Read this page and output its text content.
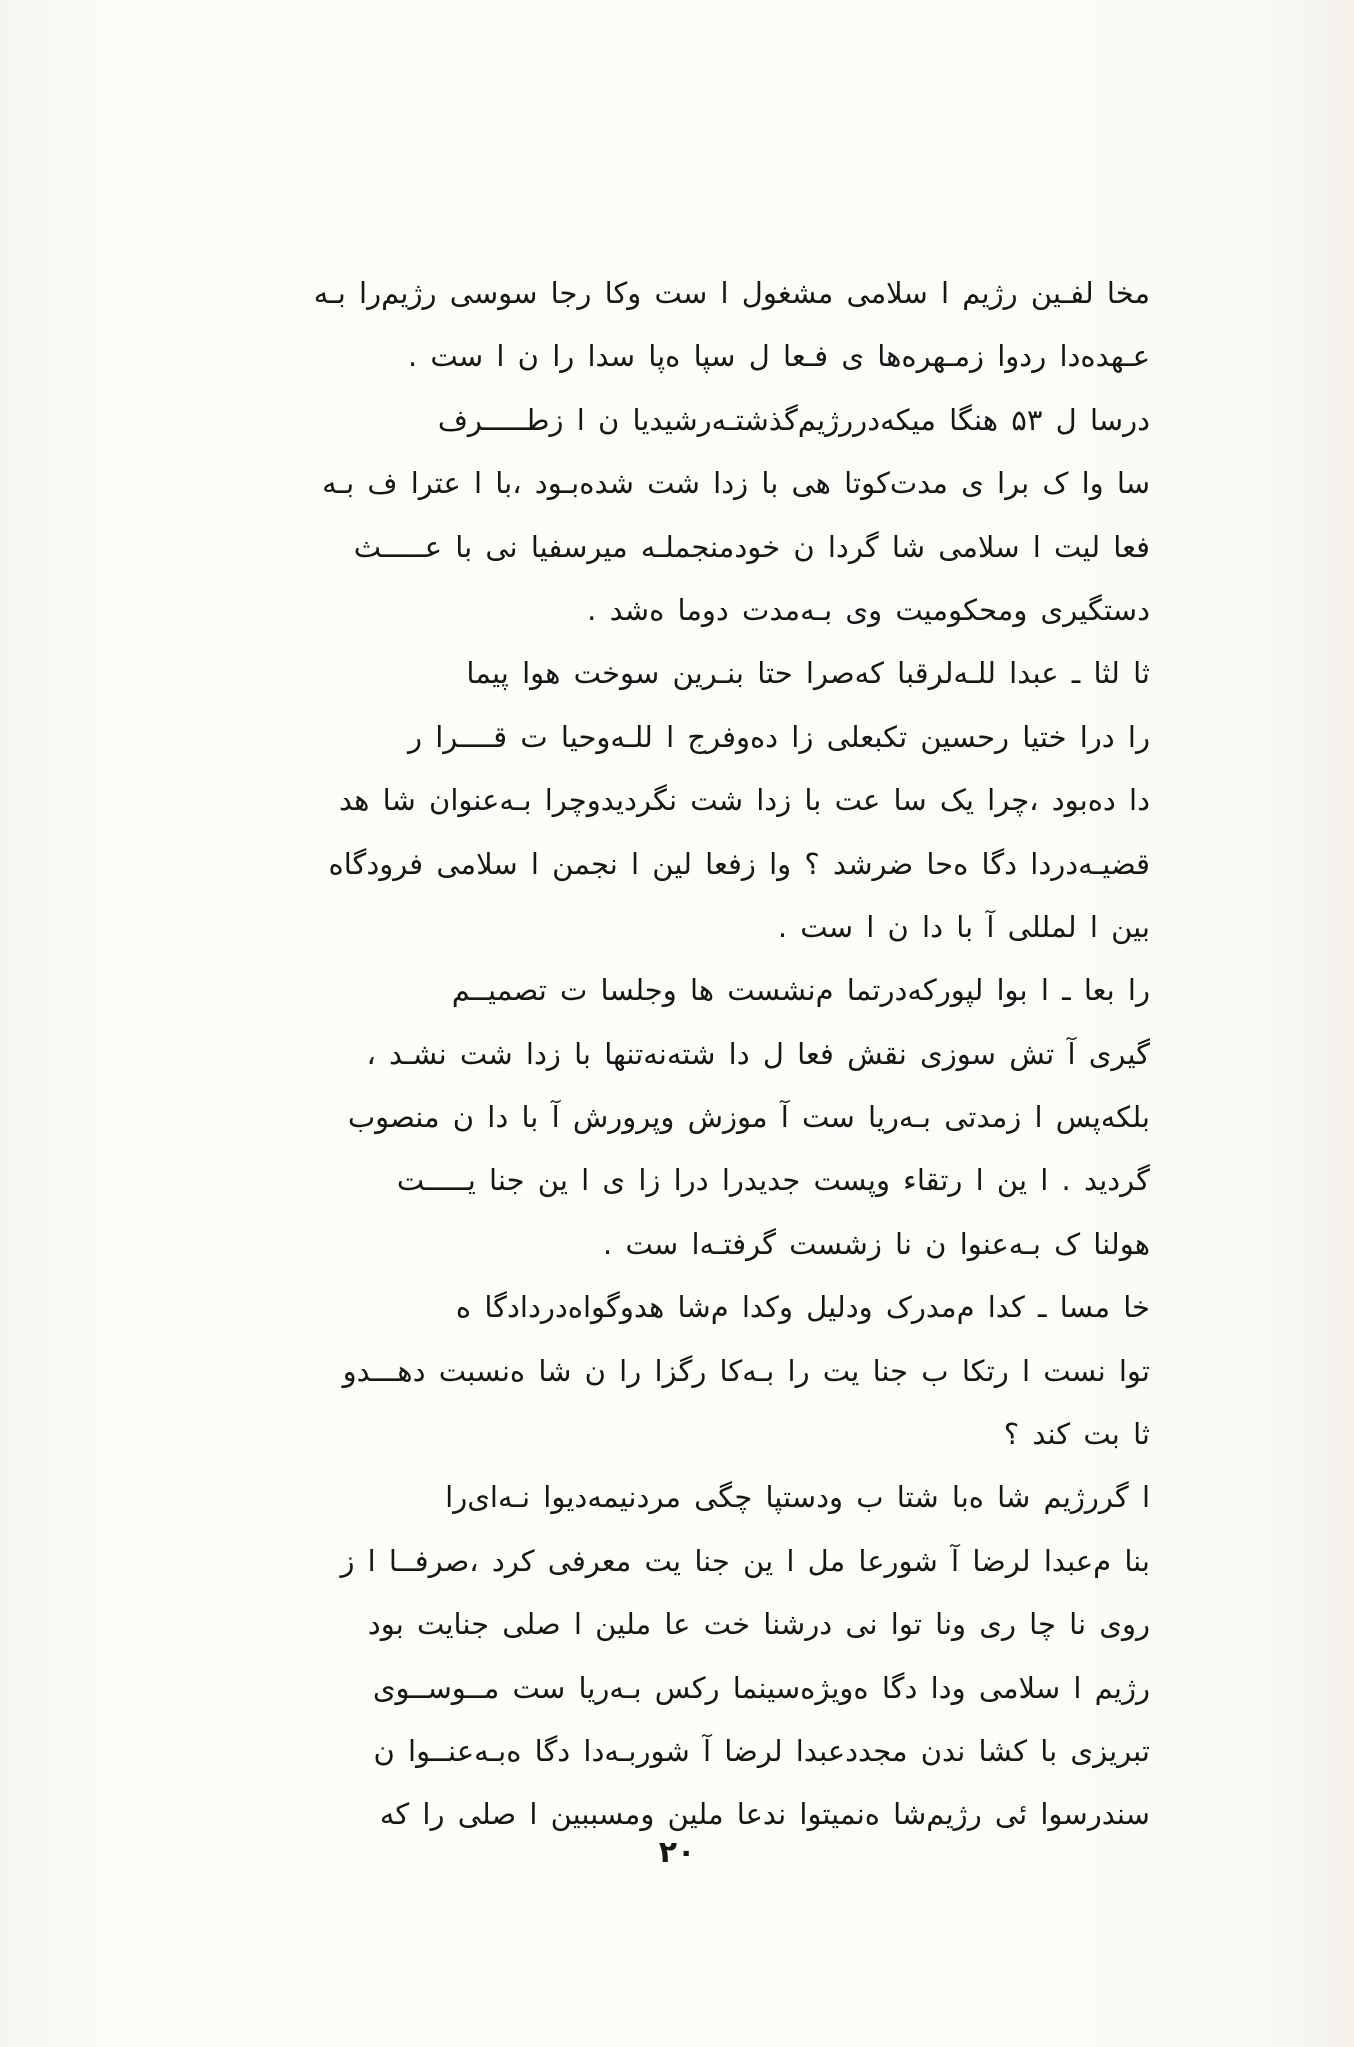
مخا لفـین رژیم ا سلامی مشغول ا ست وکا رجا سوسی رژیم‌را بـه
عـهده‌دا ردوا زمـهره‌ها ی فـعا ل سپا ه‌پا سدا را ن ا ست .
درسا ل ۵۳ هنگا میکه‌دررژیم‌گذشتـه‌رشیدیا ن ا زطـــــرف
سا وا ک برا ی مدت‌کوتا هی با زدا شت شده‌بـود ،با ا عترا ف بـه
فعا لیت ا سلامی شا گردا ن خودمنجملـه میرسفیا نی با عـــــث
دستگیری ومحکومیت وی بـه‌مدت دوما ه‌شد .
ثا لثا ـ عبدا للـه‌لرقبا که‌صرا حتا بنـرین سوخت هوا پیما
را درا ختیا رحسین تکبعلی زا ده‌وفرج ا للـه‌وحیا ت قــــرا ر
دا ده‌بود ،چرا یک سا عت با زدا شت نگردیدوچرا بـه‌عنوان شا هد
قضیـه‌دردا دگا ه‌حا ضرشد ؟ وا زفعا لین ا نجمن ا سلامی فرودگاه
بین ا لمللی آ با دا ن ا ست .
را بعا ـ ا بوا لپورکه‌درتما م‌نشست ها وجلسا ت تصمیــم
گیری آ تش سوزی نقش فعا ل دا شته‌نه‌تنها با زدا شت نشـد ،
بلکه‌پس ا زمدتی بـه‌ریا ست آ موزش وپرورش آ با دا ن منصوب
گردید . ا ین ا رتقاء وپست جدیدرا درا زا ی ا ین جنا یـــــت
هولنا ک بـه‌عنوا ن نا زشست گرفتـه‌ا ست .
خا مسا ـ کدا م‌مدرک ودلیل وکدا م‌شا هدوگواه‌دردادگا ه
توا نست ا رتکا ب جنا یت را بـه‌کا رگزا را ن شا ه‌نسبت دهـــدو
ثا بت کند ؟
ا گررژیم شا ه‌با شتا ب ودستپا چگی مردنیمه‌دیوا نـه‌ای‌را
بنا م‌عبدا لرضا آ شورعا مل ا ین جنا یت معرفی کرد ،صرفــا ا ز
روی نا چا ری ونا توا نی درشنا خت عا ملین ا صلی جنایت بود
رژیم ا سلامی ودا دگا ه‌ویژه‌سینما رکس بـه‌ریا ست مــوســوی
تبریزی با کشا ندن مجددعبدا لرضا آ شوربـه‌دا دگا ه‌بـه‌عنــوا ن
سندرسوا ئی رژیم‌شا ه‌نمیتوا ندعا ملین ومسببین ا صلی را که
۲۰
